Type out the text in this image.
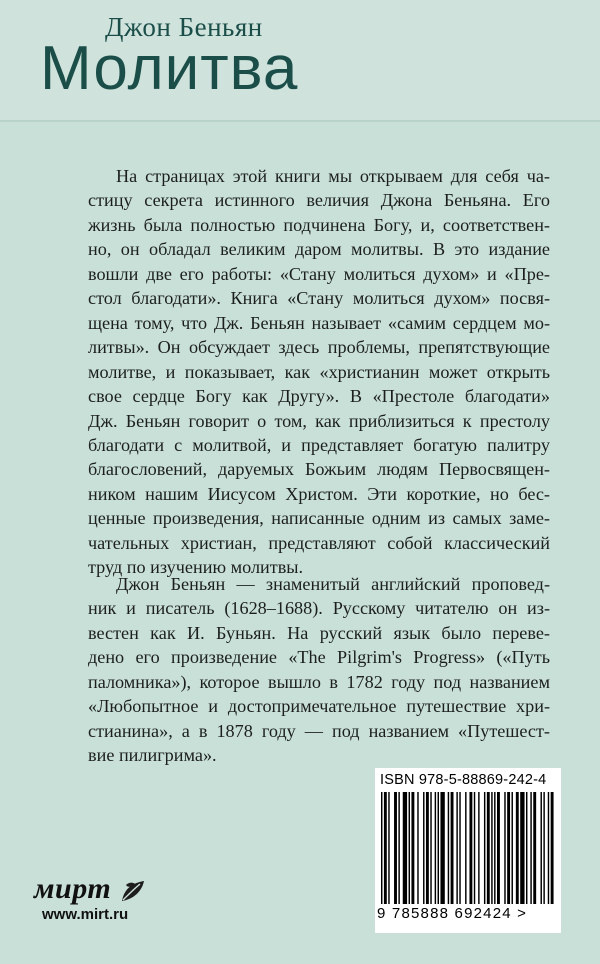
Джон Беньян
Молитва
На страницах этой книги мы открываем для себя ча-
стицу секрета истинного величия Джона Беньяна. Его
жизнь была полностью подчинена Богу, и, соответствен-
но, он обладал великим даром молитвы. В это издание
вошли две его работы: «Стану молиться духом» и «Пре-
стол благодати». Книга «Стану молиться духом» посвя-
щена тому, что Дж. Беньян называет «самим сердцем мо-
литвы». Он обсуждает здесь проблемы, препятствующие
молитве, и показывает, как «христианин может открыть
свое сердце Богу как Другу». В «Престоле благодати»
Дж. Беньян говорит о том, как приблизиться к престолу
благодати с молитвой, и представляет богатую палитру
благословений, даруемых Божьим людям Первосвящен-
ником нашим Иисусом Христом. Эти короткие, но бес-
ценные произведения, написанные одним из самых заме-
чательных христиан, представляют собой классический
труд по изучению молитвы.
Джон Беньян — знаменитый английский проповед-
ник и писатель (1628–1688). Русскому читателю он из-
вестен как И. Буньян. На русский язык было переве-
дено его произведение «The Pilgrim's Progress» («Путь
паломника»), которое вышло в 1782 году под названием
«Любопытное и достопримечательное путешествие хри-
стианина», а в 1878 году — под названием «Путешест-
вие пилигрима».
ISBN 978-5-88869-242-4
9 785888 692424 >
мирт
www.mirt.ru
